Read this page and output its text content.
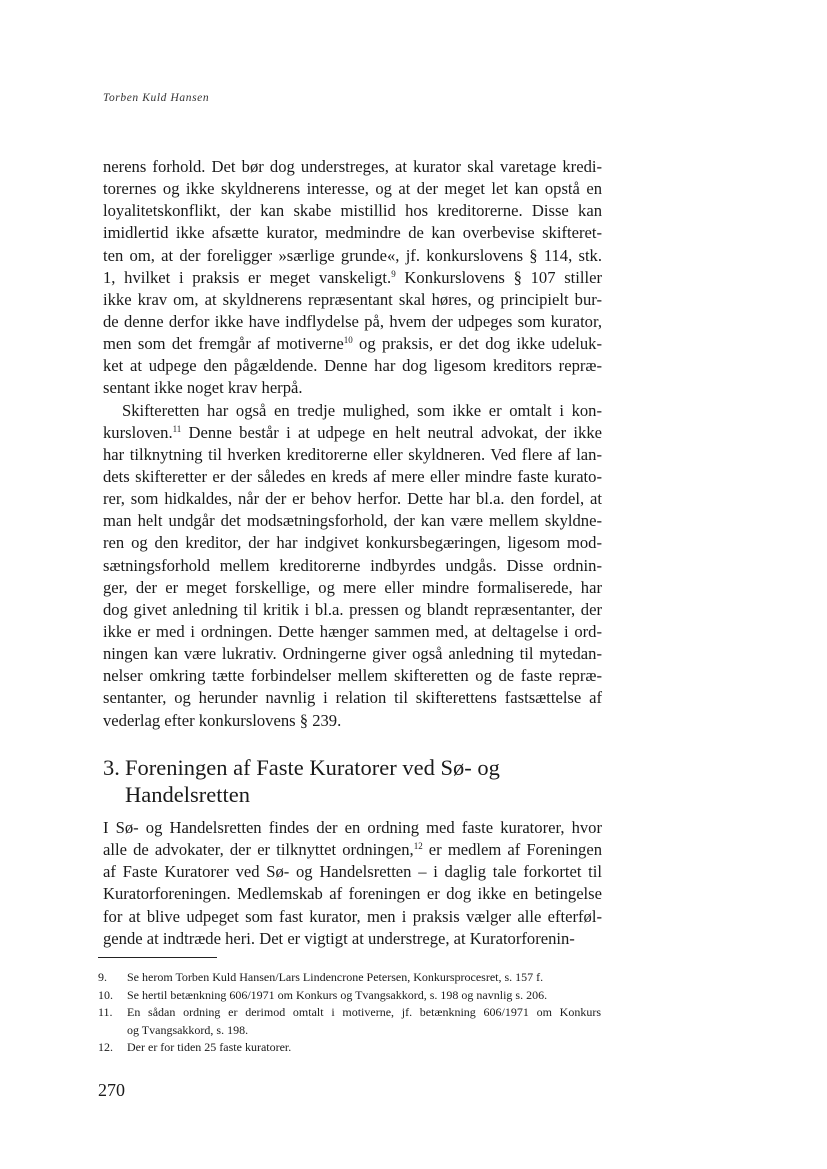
Torben Kuld Hansen
nerens forhold. Det bør dog understreges, at kurator skal varetage kredi-
torernes og ikke skyldnerens interesse, og at der meget let kan opstå en
loyalitetskonflikt, der kan skabe mistillid hos kreditorerne. Disse kan
imidlertid ikke afsætte kurator, medmindre de kan overbevise skifteret-
ten om, at der foreligger »særlige grunde«, jf. konkurslovens § 114, stk.
1, hvilket i praksis er meget vanskeligt.$^9$ Konkurslovens § 107 stiller
ikke krav om, at skyldnerens repræsentant skal høres, og principielt bur-
de denne derfor ikke have indflydelse på, hvem der udpeges som kurator,
men som det fremgår af motiverne$^{10}$ og praksis, er det dog ikke udeluk-
ket at udpege den pågældende. Denne har dog ligesom kreditors repræ-
sentant ikke noget krav herpå.
Skifteretten har også en tredje mulighed, som ikke er omtalt i kon-
kursloven.$^{11}$ Denne består i at udpege en helt neutral advokat, der ikke
har tilknytning til hverken kreditorerne eller skyldneren. Ved flere af lan-
dets skifteretter er der således en kreds af mere eller mindre faste kurato-
rer, som hidkaldes, når der er behov herfor. Dette har bl.a. den fordel, at
man helt undgår det modsætningsforhold, der kan være mellem skyldne-
ren og den kreditor, der har indgivet konkursbegæringen, ligesom mod-
sætningsforhold mellem kreditorerne indbyrdes undgås. Disse ordnin-
ger, der er meget forskellige, og mere eller mindre formaliserede, har
dog givet anledning til kritik i bl.a. pressen og blandt repræsentanter, der
ikke er med i ordningen. Dette hænger sammen med, at deltagelse i ord-
ningen kan være lukrativ. Ordningerne giver også anledning til mytedan-
nelser omkring tætte forbindelser mellem skifteretten og de faste repræ-
sentanter, og herunder navnlig i relation til skifterettens fastsættelse af
vederlag efter konkurslovens § 239.
3. Foreningen af Faste Kuratorer ved Sø- og
Handelsretten
I Sø- og Handelsretten findes der en ordning med faste kuratorer, hvor
alle de advokater, der er tilknyttet ordningen,$^{12}$ er medlem af Foreningen
af Faste Kuratorer ved Sø- og Handelsretten – i daglig tale forkortet til
Kuratorforeningen. Medlemskab af foreningen er dog ikke en betingelse
for at blive udpeget som fast kurator, men i praksis vælger alle efterføl-
gende at indtræde heri. Det er vigtigt at understrege, at Kuratorforenin-
9.	Se herom Torben Kuld Hansen/Lars Lindencrone Petersen, Konkursprocesret, s. 157 f.
10.	Se hertil betænkning 606/1971 om Konkurs og Tvangsakkord, s. 198 og navnlig s. 206.
11.	En sådan ordning er derimod omtalt i motiverne, jf. betænkning 606/1971 om Konkurs
og Tvangsakkord, s. 198.
12.	Der er for tiden 25 faste kuratorer.
270
